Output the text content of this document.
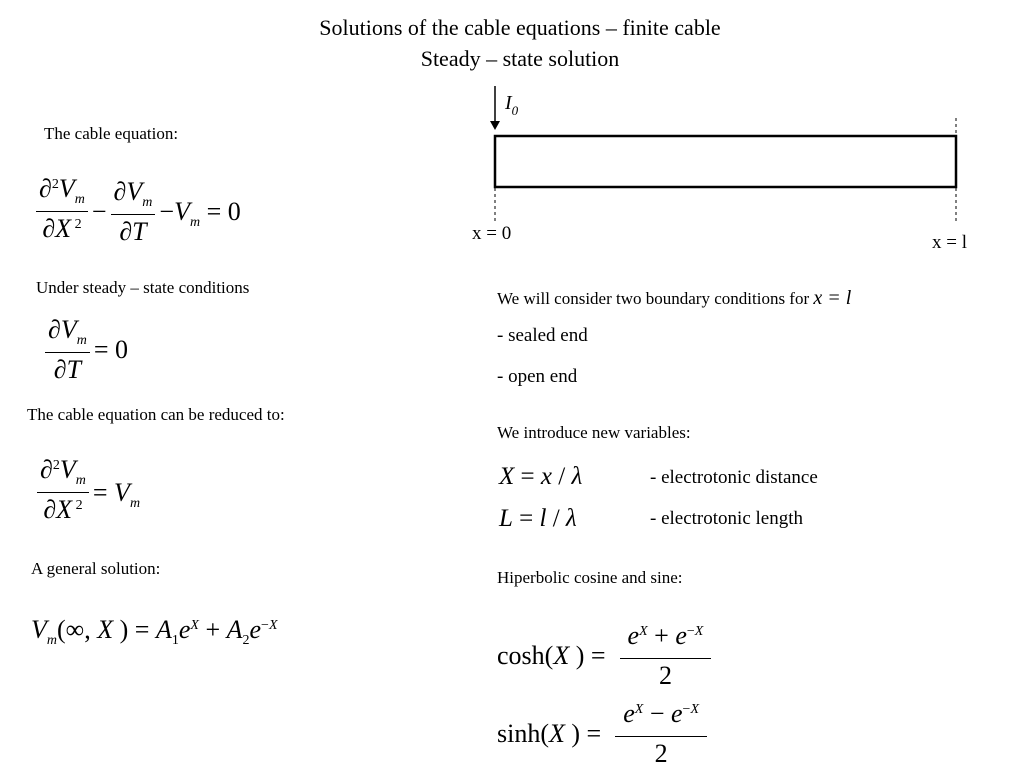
Solutions of the cable equations – finite cable
Steady – state solution
The cable equation:
$\frac{\partial^2V_m}{\partial X ^2} - \frac{\partial V_m}{\partial T} -V_m = 0$
Under steady – state conditions
$\frac{\partial V_m}{\partial T} = 0$
The cable equation can be reduced to:
$\frac{\partial^2V_m}{\partial X ^2} = V_m$
A general solution:
$V_m(\infty$, X ) = $A_1e^X + A_2e^{-X}$
$I_0$
x = 0	x = l
We will consider two boundary conditions for x = l
- sealed end
- open end
We introduce new variables:
X = x / λ	- electrotonic distance
L = l / λ	- electrotonic length
Hiperbolic cosine and sine:
cosh(X ) = $\frac{e^X + e^{-X}}{2}$
sinh(X ) = $\frac{e^X - e^{-X}}{2}$
